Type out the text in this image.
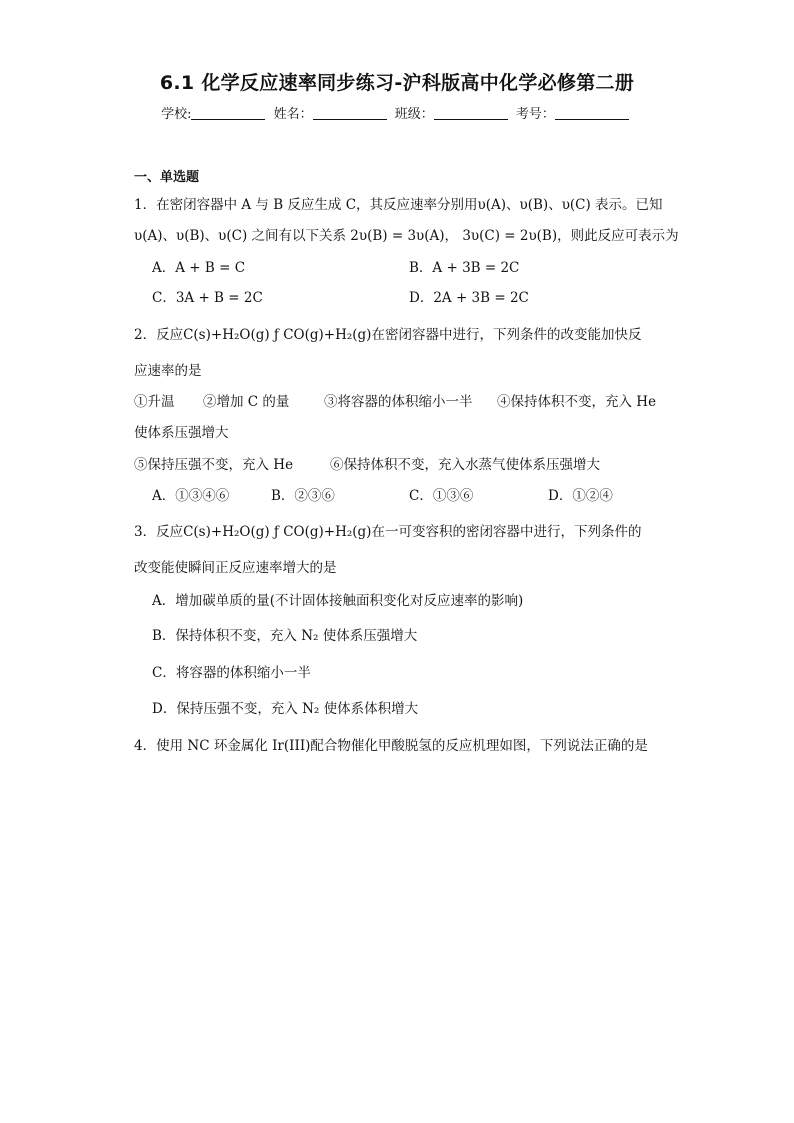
6.1 化学反应速率同步练习-沪科版高中化学必修第二册
学校:	姓名：	班级：	考号：
一、单选题
1．在密闭容器中 A 与 B 反应生成 C，其反应速率分别用υ(A)、υ(B)、υ(C) 表示。已知
υ(A)、υ(B)、υ(C) 之间有以下关系 2υ(B) = 3υ(A)， 3υ(C) = 2υ(B)，则此反应可表示为
A．A + B = C	B．A + 3B = 2C
C．3A + B = 2C	D．2A + 3B = 2C
2．反应C(s)+H₂O(g) ƒ CO(g)+H₂(g)在密闭容器中进行，下列条件的改变能加快反
应速率的是
①升温 ②增加 C 的量	③将容器的体积缩小一半 ④保持体积不变，充入 He
使体系压强增大
⑤保持压强不变，充入 He	⑥保持体积不变，充入水蒸气使体系压强增大
A．①③④⑥	B．②③⑥	C．①③⑥	D．①②④
3．反应C(s)+H₂O(g) ƒ CO(g)+H₂(g)在一可变容积的密闭容器中进行，下列条件的
改变能使瞬间正反应速率增大的是
A．增加碳单质的量(不计固体接触面积变化对反应速率的影响)
B．保持体积不变，充入 N₂ 使体系压强增大
C．将容器的体积缩小一半
D．保持压强不变，充入 N₂ 使体系体积增大
4．使用 NC 环金属化 Ir(III)配合物催化甲酸脱氢的反应机理如图，下列说法正确的是
